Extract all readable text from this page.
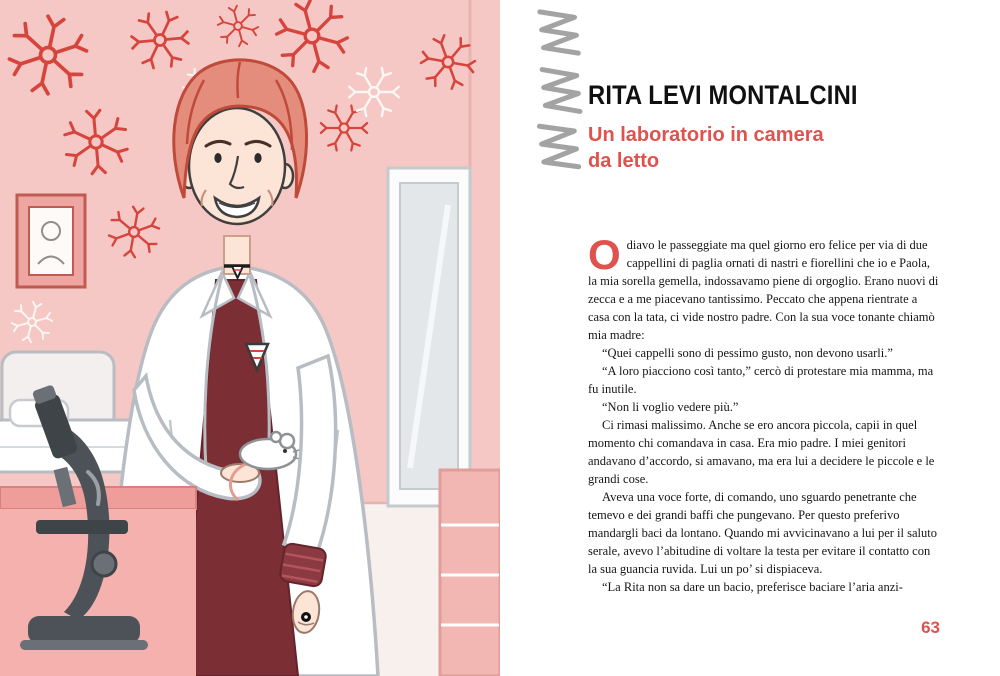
RITA LEVI MONTALCINI
Un laboratorio in camera
da letto

Odiavo le passeggiate ma quel giorno ero felice per via di due cappellini di paglia ornati di nastri e fiorellini che io e Paola, la mia sorella gemella, indossavamo piene di orgoglio. Erano nuovi di zecca e a me piacevano tantissimo. Peccato che appena rientrate a casa con la tata, ci vide nostro padre. Con la sua voce tonante chiamò mia madre:

“Quei cappelli sono di pessimo gusto, non devono usarli.”

“A loro piacciono così tanto,” cercò di protestare mia mamma, ma fu inutile.

“Non li voglio vedere più.”

Ci rimasi malissimo. Anche se ero ancora piccola, capii in quel momento chi comandava in casa. Era mio padre. I miei genitori andavano d’accordo, si amavano, ma era lui a decidere le piccole e le grandi cose.

Aveva una voce forte, di comando, uno sguardo penetrante che temevo e dei grandi baffi che pungevano. Per questo preferivo mandargli baci da lontano. Quando mi avvicinavano a lui per il saluto serale, avevo l’abitudine di voltare la testa per evitare il contatto con la sua guancia ruvida. Lui un po’ si dispiaceva.

“La Rita non sa dare un bacio, preferisce baciare l’aria anzi-

63
